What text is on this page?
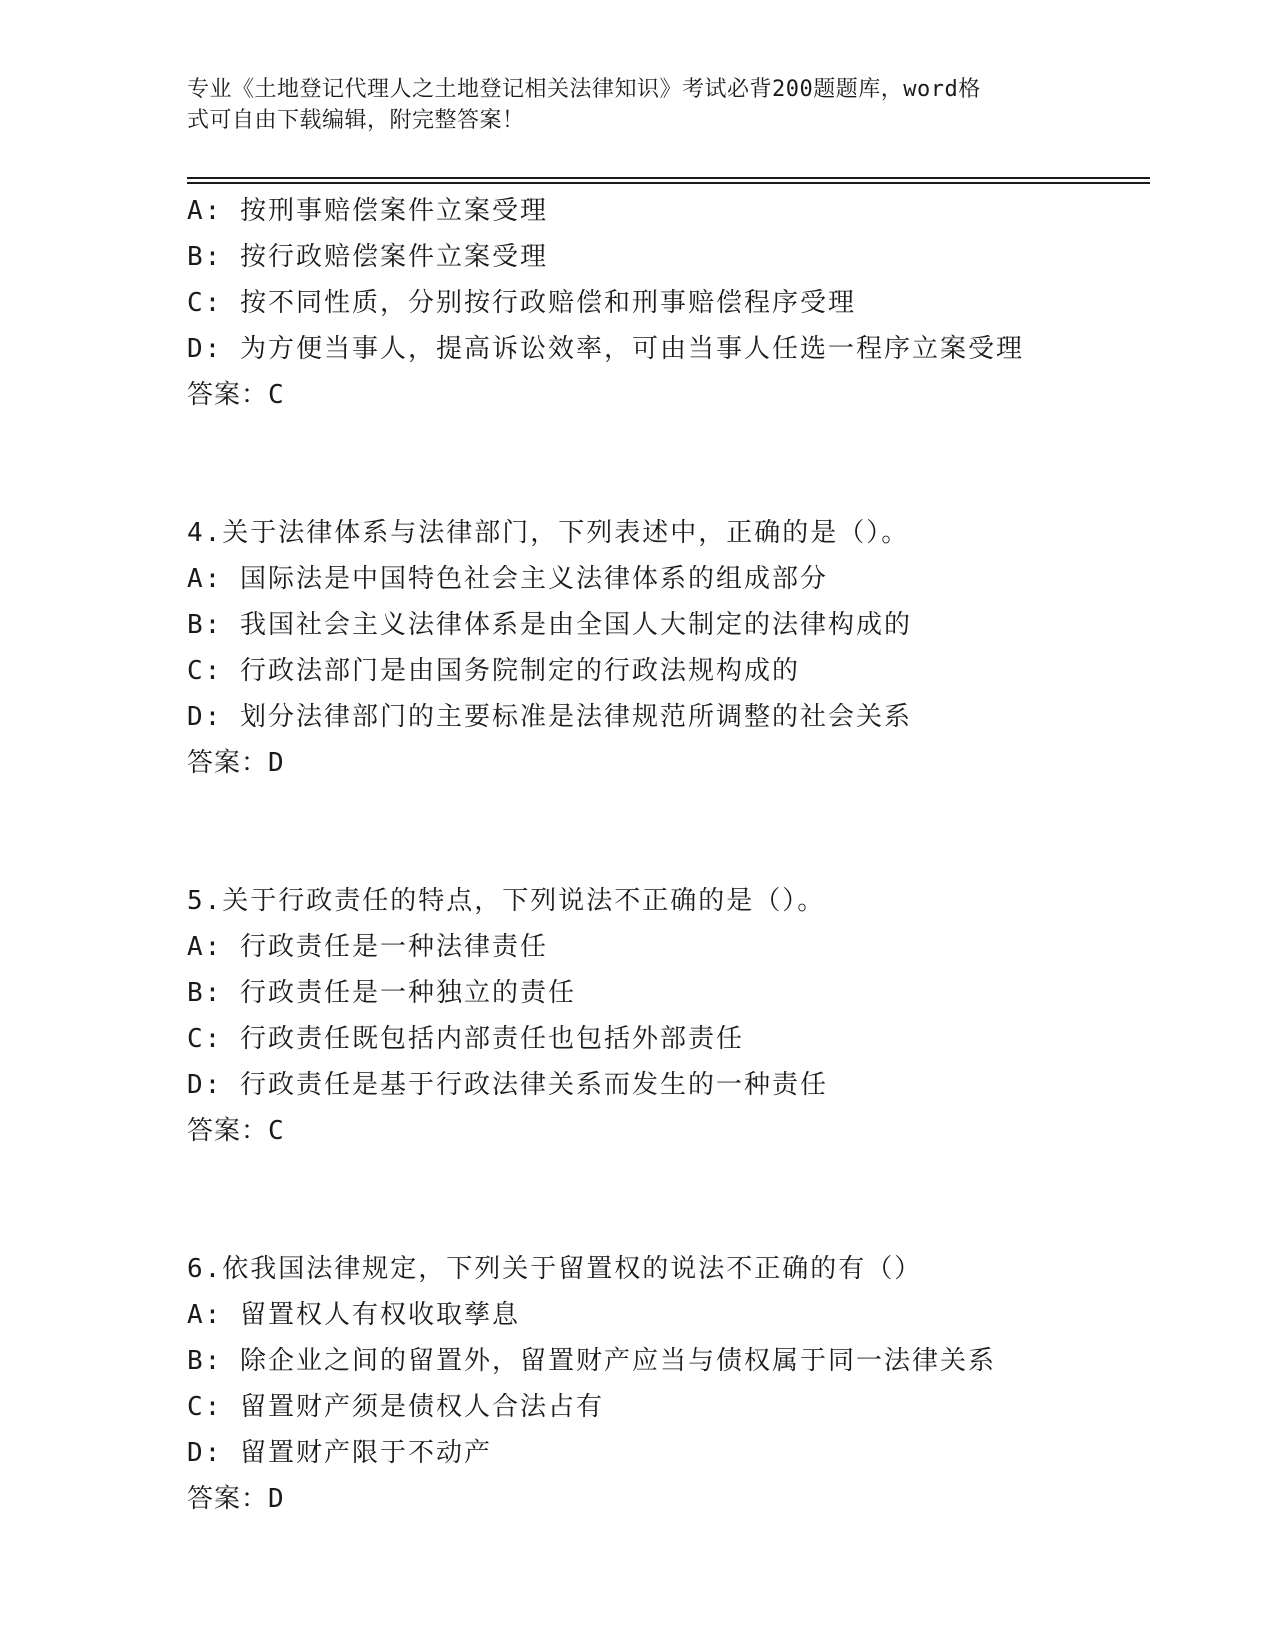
专业《土地登记代理人之土地登记相关法律知识》考试必背200题题库，word格
式可自由下载编辑，附完整答案！
A: 按刑事赔偿案件立案受理
B: 按行政赔偿案件立案受理
C: 按不同性质，分别按行政赔偿和刑事赔偿程序受理
D: 为方便当事人，提高诉讼效率，可由当事人任选一程序立案受理
答案：C
4.关于法律体系与法律部门，下列表述中，正确的是（）。
A: 国际法是中国特色社会主义法律体系的组成部分
B: 我国社会主义法律体系是由全国人大制定的法律构成的
C: 行政法部门是由国务院制定的行政法规构成的
D: 划分法律部门的主要标准是法律规范所调整的社会关系
答案：D
5.关于行政责任的特点，下列说法不正确的是（）。
A: 行政责任是一种法律责任
B: 行政责任是一种独立的责任
C: 行政责任既包括内部责任也包括外部责任
D: 行政责任是基于行政法律关系而发生的一种责任
答案：C
6.依我国法律规定，下列关于留置权的说法不正确的有（）
A: 留置权人有权收取孳息
B: 除企业之间的留置外，留置财产应当与债权属于同一法律关系
C: 留置财产须是债权人合法占有
D: 留置财产限于不动产
答案：D
